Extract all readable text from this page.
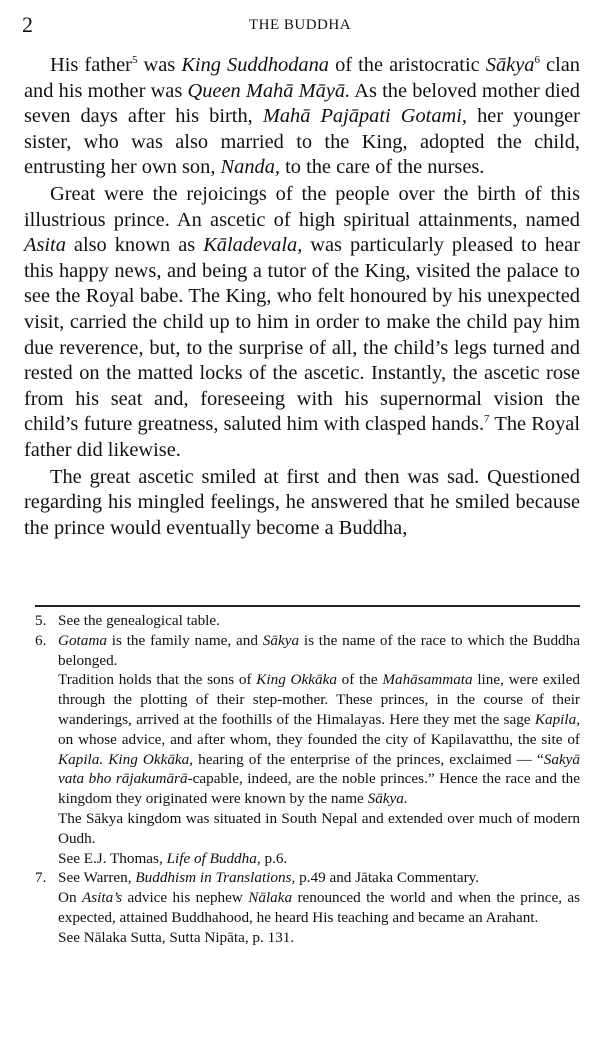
2	THE BUDDHA

His father$^5$ was King Suddhodana of the aristocratic Sākya$^6$ clan and his mother was Queen Mahā Māyā. As the beloved mother died seven days after his birth, Mahā Pajāpati Gotami, her younger sister, who was also married to the King, adopted the child, entrusting her own son, Nanda, to the care of the nurses.

Great were the rejoicings of the people over the birth of this illustrious prince. An ascetic of high spiritual attainments, named Asita also known as Kāladevala, was particularly pleased to hear this happy news, and being a tutor of the King, visited the palace to see the Royal babe. The King, who felt honoured by his unexpected visit, carried the child up to him in order to make the child pay him due reverence, but, to the surprise of all, the child’s legs turned and rested on the matted locks of the ascetic. Instantly, the ascetic rose from his seat and, foreseeing with his supernormal vision the child’s future greatness, saluted him with clasped hands.$^7$ The Royal father did likewise.

The great ascetic smiled at first and then was sad. Questioned regarding his mingled feelings, he answered that he smiled because the prince would eventually become a Buddha,

5. See the genealogical table.

6. Gotama is the family name, and Sākya is the name of the race to which the Buddha belonged.

Tradition holds that the sons of King Okkāka of the Mahāsammata line, were exiled through the plotting of their step-mother. These princes, in the course of their wanderings, arrived at the foothills of the Himalayas. Here they met the sage Kapila, on whose advice, and after whom, they founded the city of Kapilavatthu, the site of Kapila. King Okkāka, hearing of the enterprise of the princes, exclaimed — “Sakyā vata bho rājakumārā-capable, indeed, are the noble princes.” Hence the race and the kingdom they originated were known by the name Sākya.

The Sākya kingdom was situated in South Nepal and extended over much of modern Oudh.

See E.J. Thomas, Life of Buddha, p.6.

7. See Warren, Buddhism in Translations, p.49 and Jātaka Commentary.

On Asita’s advice his nephew Nālaka renounced the world and when the prince, as expected, attained Buddhahood, he heard His teaching and became an Arahant.

See Nālaka Sutta, Sutta Nipāta, p. 131.
